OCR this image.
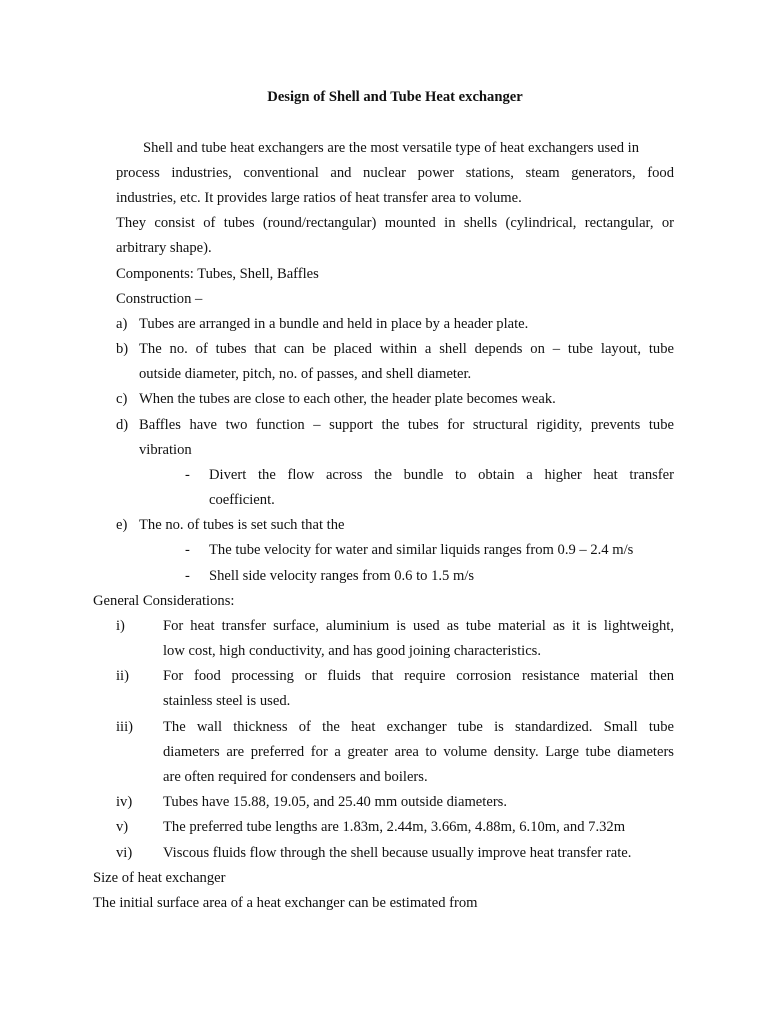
Design of Shell and Tube Heat exchanger
Shell and tube heat exchangers are the most versatile type of heat exchangers used in
process industries, conventional and nuclear power stations, steam generators, food
industries, etc. It provides large ratios of heat transfer area to volume.
They consist of tubes (round/rectangular) mounted in shells (cylindrical, rectangular, or
arbitrary shape).
Components: Tubes, Shell, Baffles
Construction –
a) Tubes are arranged in a bundle and held in place by a header plate.
b) The no. of tubes that can be placed within a shell depends on – tube layout, tube
outside diameter, pitch, no. of passes, and shell diameter.
c) When the tubes are close to each other, the header plate becomes weak.
d) Baffles have two function – support the tubes for structural rigidity, prevents tube
vibration
- Divert the flow across the bundle to obtain a higher heat transfer
coefficient.
e) The no. of tubes is set such that the
- The tube velocity for water and similar liquids ranges from 0.9 – 2.4 m/s
- Shell side velocity ranges from 0.6 to 1.5 m/s
General Considerations:
i)	For heat transfer surface, aluminium is used as tube material as it is lightweight,
low cost, high conductivity, and has good joining characteristics.
ii) For food processing or fluids that require corrosion resistance material then
stainless steel is used.
iii) The wall thickness of the heat exchanger tube is standardized. Small tube
diameters are preferred for a greater area to volume density. Large tube diameters
are often required for condensers and boilers.
iv) Tubes have 15.88, 19.05, and 25.40 mm outside diameters.
v) The preferred tube lengths are 1.83m, 2.44m, 3.66m, 4.88m, 6.10m, and 7.32m
vi) Viscous fluids flow through the shell because usually improve heat transfer rate.
Size of heat exchanger
The initial surface area of a heat exchanger can be estimated from
